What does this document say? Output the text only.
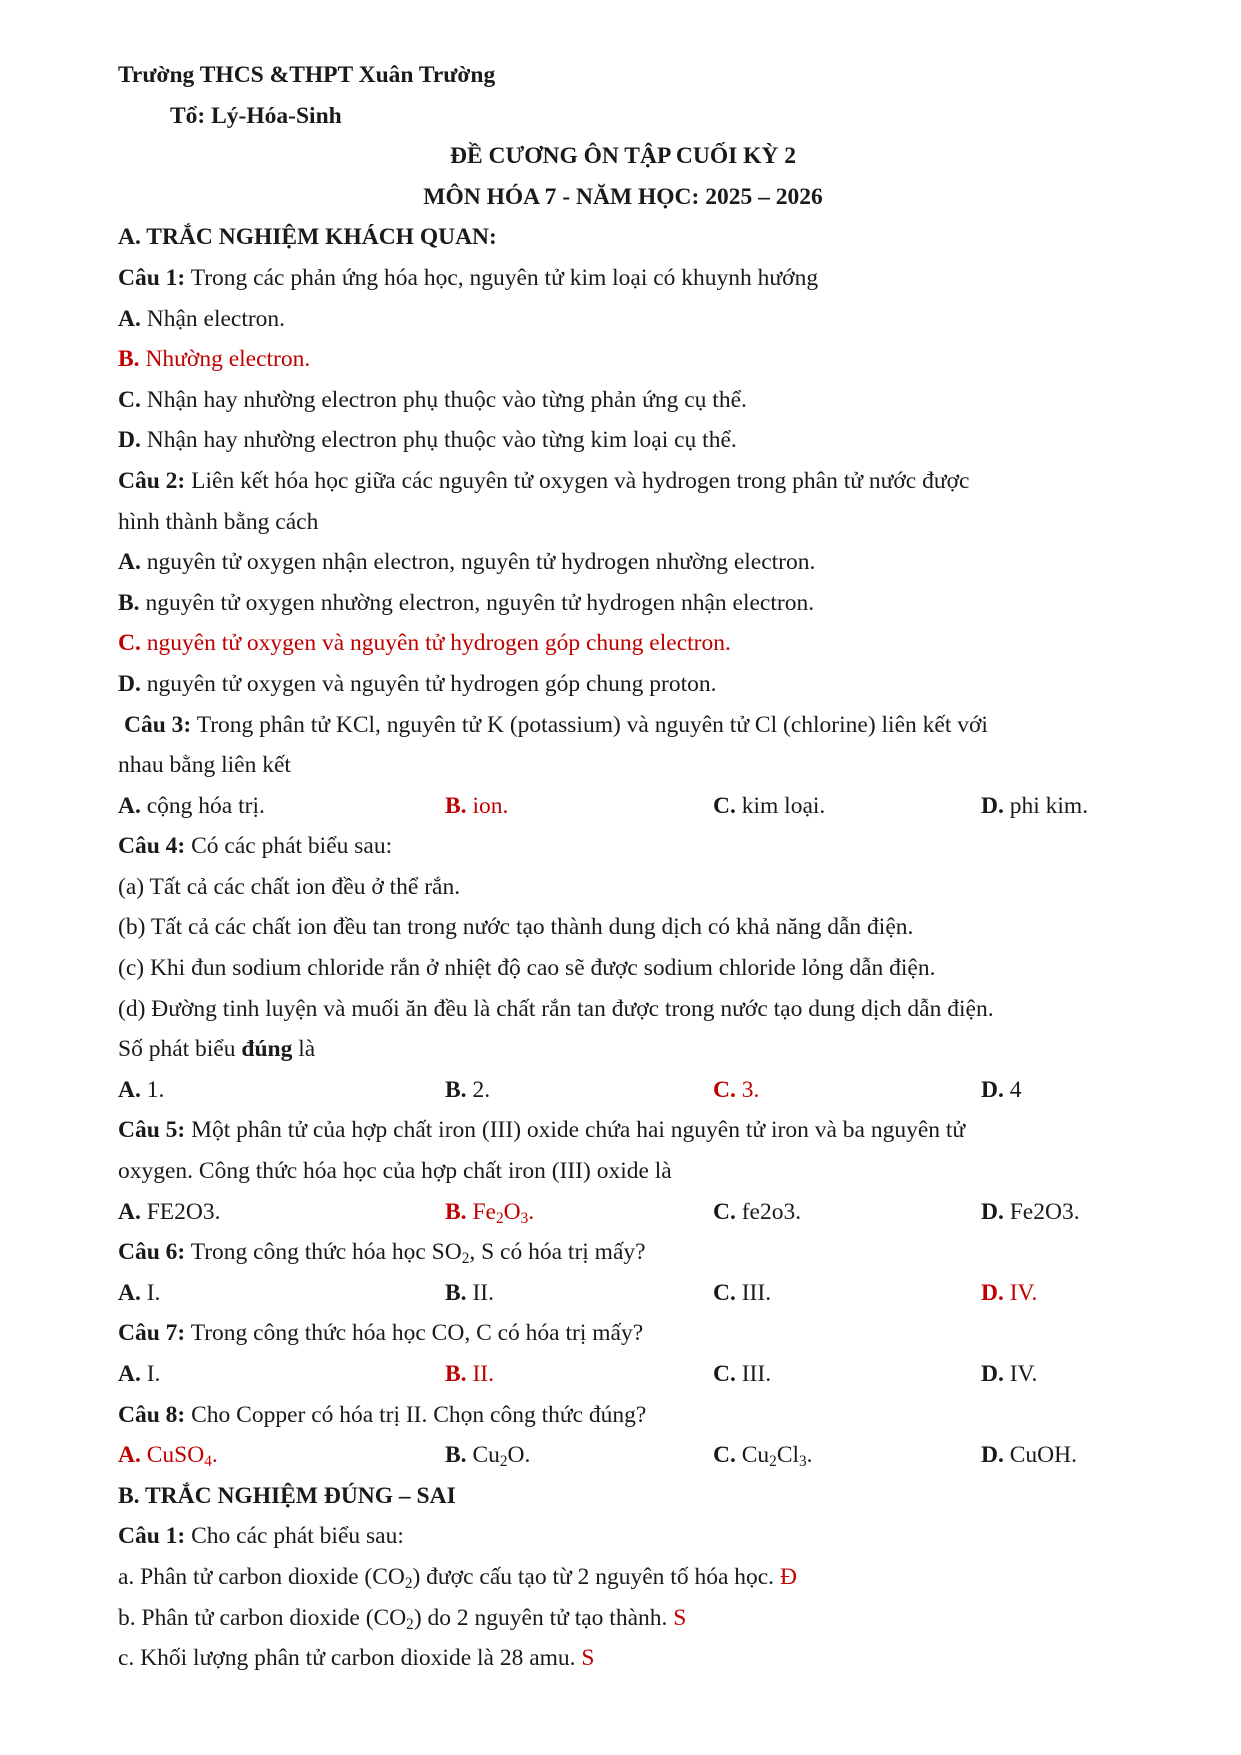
Trường THCS &THPT Xuân Trường
Tổ: Lý-Hóa-Sinh
ĐỀ CƯƠNG ÔN TẬP CUỐI KỲ 2
MÔN HÓA 7 - NĂM HỌC: 2025 – 2026
A. TRẮC NGHIỆM KHÁCH QUAN:
Câu 1: Trong các phản ứng hóa học, nguyên tử kim loại có khuynh hướng
A. Nhận electron.
B. Nhường electron.
C. Nhận hay nhường electron phụ thuộc vào từng phản ứng cụ thể.
D. Nhận hay nhường electron phụ thuộc vào từng kim loại cụ thể.
Câu 2: Liên kết hóa học giữa các nguyên tử oxygen và hydrogen trong phân tử nước được
hình thành bằng cách
A. nguyên tử oxygen nhận electron, nguyên tử hydrogen nhường electron.
B. nguyên tử oxygen nhường electron, nguyên tử hydrogen nhận electron.
C. nguyên tử oxygen và nguyên tử hydrogen góp chung electron.
D. nguyên tử oxygen và nguyên tử hydrogen góp chung proton.
Câu 3: Trong phân tử KCl, nguyên tử K (potassium) và nguyên tử Cl (chlorine) liên kết với
nhau bằng liên kết
A. cộng hóa trị.	B. ion.	C. kim loại.	D. phi kim.
Câu 4: Có các phát biểu sau:
(a) Tất cả các chất ion đều ở thể rắn.
(b) Tất cả các chất ion đều tan trong nước tạo thành dung dịch có khả năng dẫn điện.
(c) Khi đun sodium chloride rắn ở nhiệt độ cao sẽ được sodium chloride lỏng dẫn điện.
(d) Đường tinh luyện và muối ăn đều là chất rắn tan được trong nước tạo dung dịch dẫn điện.
Số phát biểu đúng là
A. 1.	B. 2.	C. 3.	D. 4
Câu 5: Một phân tử của hợp chất iron (III) oxide chứa hai nguyên tử iron và ba nguyên tử
oxygen. Công thức hóa học của hợp chất iron (III) oxide là
A. FE2O3.	B. $Fe_2O_3$.	C. fe2o3.	D. Fe2O3.
Câu 6: Trong công thức hóa học $SO_2$, S có hóa trị mấy?
A. I.	B. II.	C. III.	D. IV.
Câu 7: Trong công thức hóa học CO, C có hóa trị mấy?
A. I.	B. II.	C. III.	D. IV.
Câu 8: Cho Copper có hóa trị II. Chọn công thức đúng?
A. CuSO$_4$.	B. $Cu_2O$.	C. $Cu_2Cl_3$.	D. CuOH.
B. TRẮC NGHIỆM ĐÚNG – SAI
Câu 1: Cho các phát biểu sau:
a. Phân tử carbon dioxide $(CO_2)$ được cấu tạo từ 2 nguyên tố hóa học. Đ
b. Phân tử carbon dioxide $(CO_2)$ do 2 nguyên tử tạo thành. S
c. Khối lượng phân tử carbon dioxide là 28 amu. S
